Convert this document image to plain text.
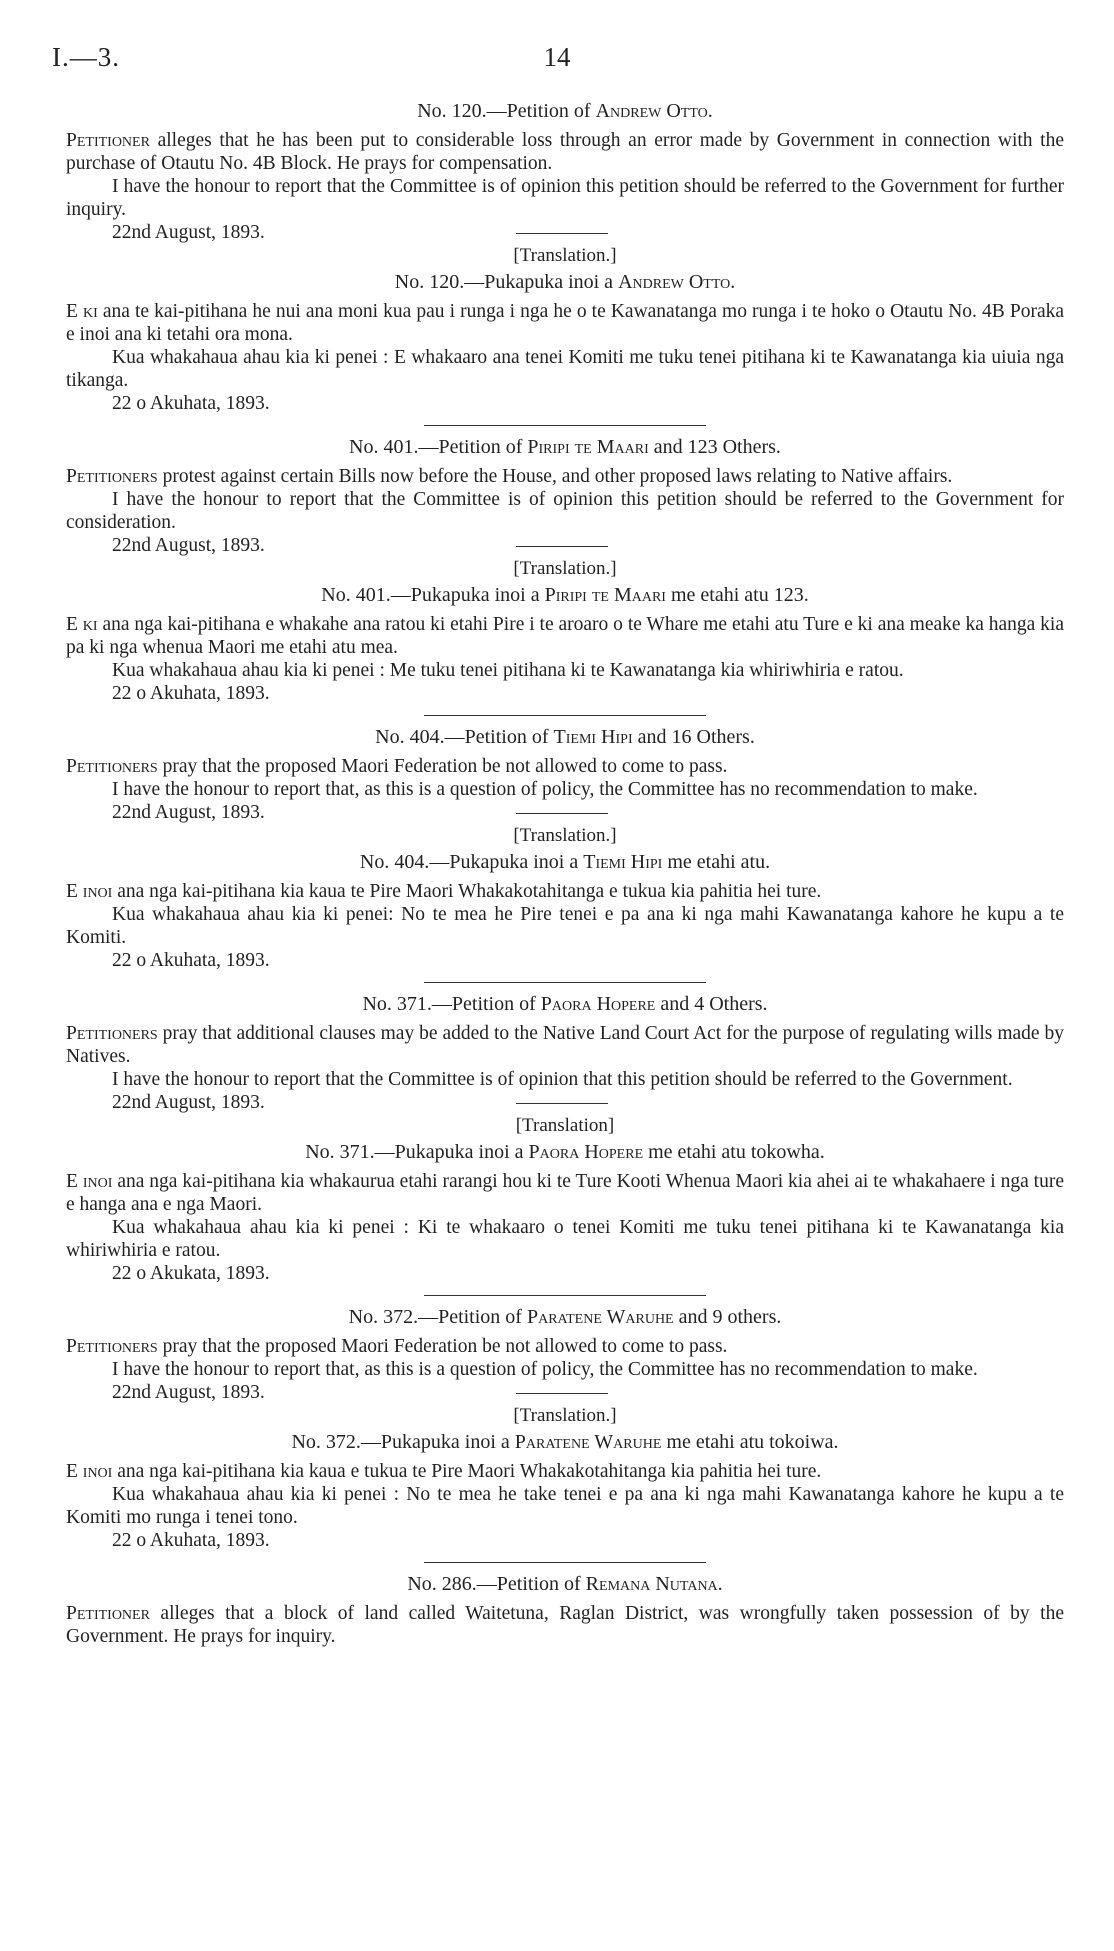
I.—3.	14
No. 120.—Petition of Andrew Otto.

Petitioner alleges that he has been put to considerable loss through an error made by Government in connection with the purchase of Otautu No. 4B Block. He prays for compensation.

I have the honour to report that the Committee is of opinion this petition should be referred to the Government for further inquiry.

22nd August, 1893.
[Translation.]
No. 120.—Pukapuka inoi a Andrew Otto.

E ki ana te kai-pitihana he nui ana moni kua pau i runga i nga he o te Kawanatanga mo runga i te hoko o Otautu No. 4B Poraka e inoi ana ki tetahi ora mona.

Kua whakahaua ahau kia ki penei : E whakaaro ana tenei Komiti me tuku tenei pitihana ki te Kawanatanga kia uiuia nga tikanga.

22 o Akuhata, 1893.
No. 401.—Petition of Piripi te Maari and 123 Others.

Petitioners protest against certain Bills now before the House, and other proposed laws relating to Native affairs.

I have the honour to report that the Committee is of opinion this petition should be referred to the Government for consideration.

22nd August, 1893.
[Translation.]
No. 401.—Pukapuka inoi a Piripi te Maari me etahi atu 123.

E ki ana nga kai-pitihana e whakahe ana ratou ki etahi Pire i te aroaro o te Whare me etahi atu Ture e ki ana meake ka hanga kia pa ki nga whenua Maori me etahi atu mea.

Kua whakahaua ahau kia ki penei : Me tuku tenei pitihana ki te Kawanatanga kia whiriwhiria e ratou.

22 o Akuhata, 1893.
No. 404.—Petition of Tiemi Hipi and 16 Others.

Petitioners pray that the proposed Maori Federation be not allowed to come to pass.

I have the honour to report that, as this is a question of policy, the Committee has no recommendation to make.

22nd August, 1893.
[Translation.]
No. 404.—Pukapuka inoi a Tiemi Hipi me etahi atu.

E inoi ana nga kai-pitihana kia kaua te Pire Maori Whakakotahitanga e tukua kia pahitia hei ture.

Kua whakahaua ahau kia ki penei: No te mea he Pire tenei e pa ana ki nga mahi Kawanatanga kahore he kupu a te Komiti.

22 o Akuhata, 1893.
No. 371.—Petition of Paora Hopere and 4 Others.

Petitioners pray that additional clauses may be added to the Native Land Court Act for the purpose of regulating wills made by Natives.

I have the honour to report that the Committee is of opinion that this petition should be referred to the Government.

22nd August, 1893.
[Translation]
No. 371.—Pukapuka inoi a Paora Hopere me etahi atu tokowha.

E inoi ana nga kai-pitihana kia whakaurua etahi rarangi hou ki te Ture Kooti Whenua Maori kia ahei ai te whakahaere i nga ture e hanga ana e nga Maori.

Kua whakahaua ahau kia ki penei : Ki te whakaaro o tenei Komiti me tuku tenei pitihana ki te Kawanatanga kia whiriwhiria e ratou.

22 o Akukata, 1893.
No. 372.—Petition of Paratene Waruhe and 9 others.

Petitioners pray that the proposed Maori Federation be not allowed to come to pass.

I have the honour to report that, as this is a question of policy, the Committee has no recommendation to make.

22nd August, 1893.
[Translation.]
No. 372.—Pukapuka inoi a Paratene Waruhe me etahi atu tokoiwa.

E inoi ana nga kai-pitihana kia kaua e tukua te Pire Maori Whakakotahitanga kia pahitia hei ture.

Kua whakahaua ahau kia ki penei : No te mea he take tenei e pa ana ki nga mahi Kawanatanga kahore he kupu a te Komiti mo runga i tenei tono.

22 o Akuhata, 1893.
No. 286.—Petition of Remana Nutana.

Petitioner alleges that a block of land called Waitetuna, Raglan District, was wrongfully taken possession of by the Government. He prays for inquiry.
